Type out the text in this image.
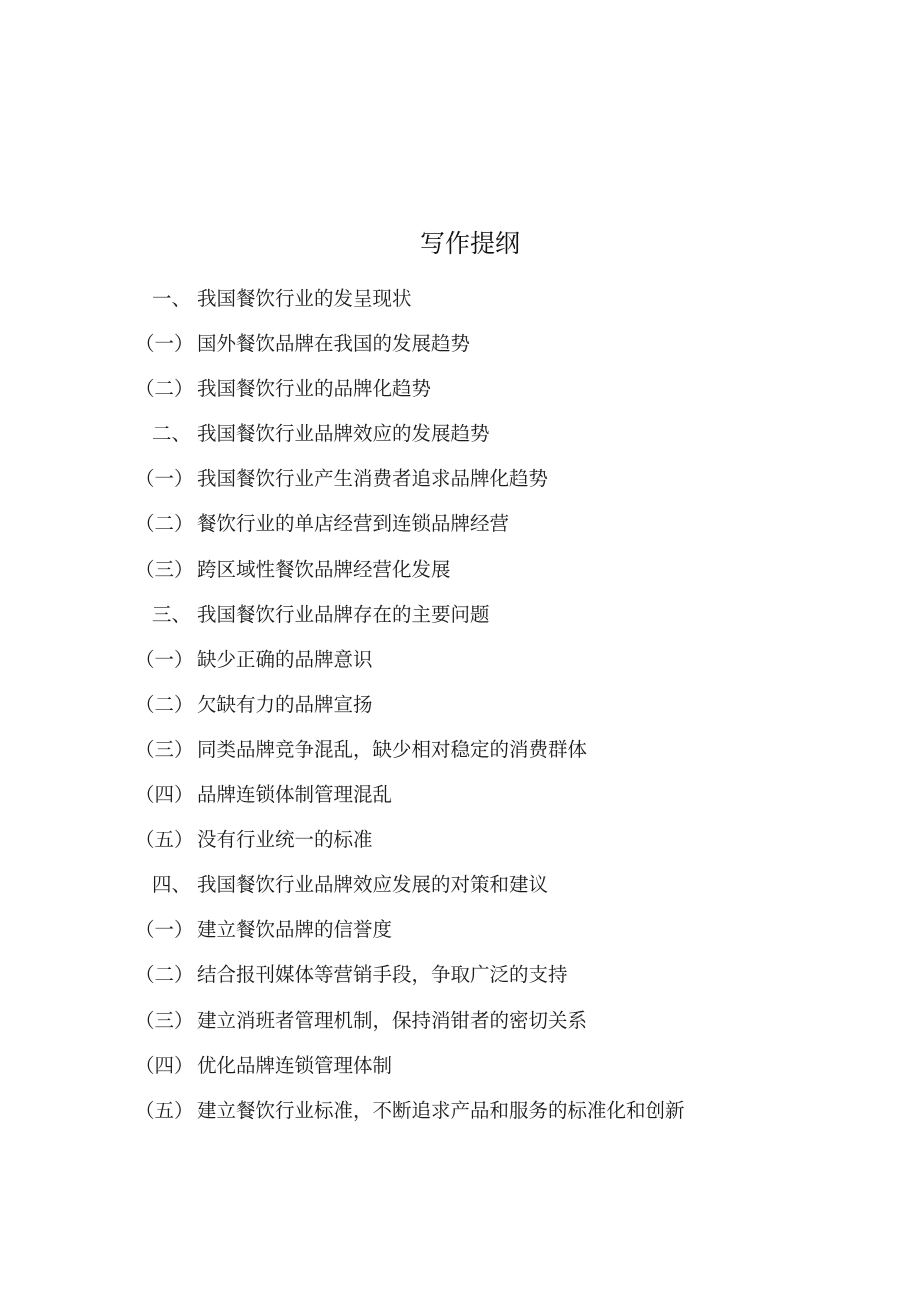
写作提纲
一、 我国餐饮行业的发呈现状
（一） 国外餐饮品牌在我国的发展趋势
（二） 我国餐饮行业的品牌化趋势
二、 我国餐饮行业品牌效应的发展趋势
（一） 我国餐饮行业产生消费者追求品牌化趋势
（二） 餐饮行业的单店经营到连锁品牌经营
（三） 跨区域性餐饮品牌经营化发展
三、 我国餐饮行业品牌存在的主要问题
（一） 缺少正确的品牌意识
（二） 欠缺有力的品牌宣扬
（三） 同类品牌竞争混乱，缺少相对稳定的消费群体
（四） 品牌连锁体制管理混乱
（五） 没有行业统一的标准
四、 我国餐饮行业品牌效应发展的对策和建议
（一） 建立餐饮品牌的信誉度
（二） 结合报刊媒体等营销手段，争取广泛的支持
（三） 建立消班者管理机制，保持消钳者的密切关系
（四） 优化品牌连锁管理体制
（五） 建立餐饮行业标准，不断追求产品和服务的标准化和创新
